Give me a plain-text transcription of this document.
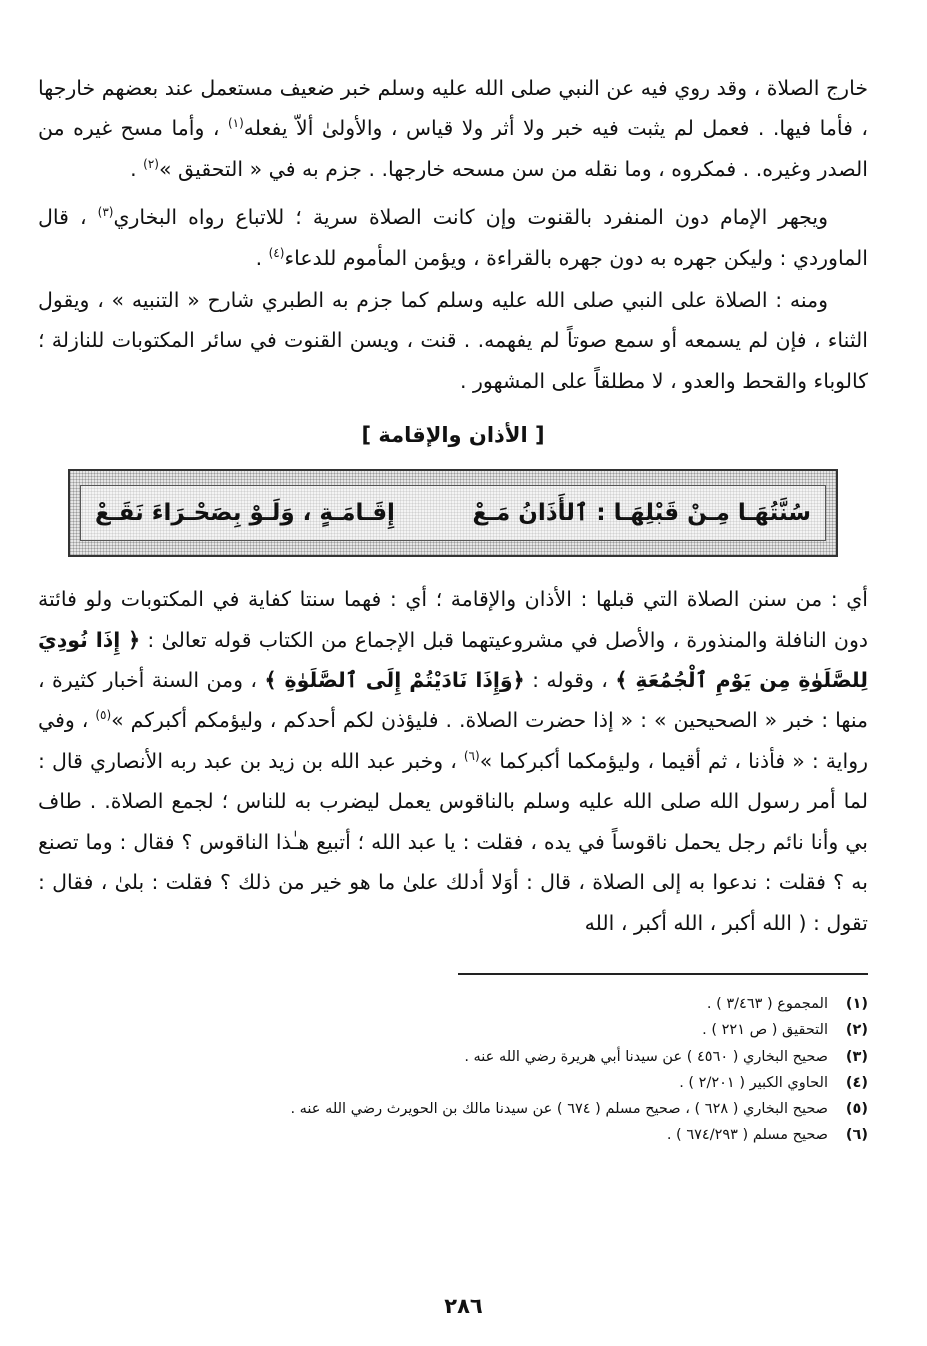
خارج الصلاة ، وقد روي فيه عن النبي صلى الله عليه وسلم خبر ضعيف مستعمل عند بعضهم خارجها ، فأما فيها. . فعمل لم يثبت فيه خبر ولا أثر ولا قياس ، والأولىٰ ألاّ يفعله$^{(١)}$ ، وأما مسح غيره من الصدر وغيره. . فمكروه ، وما نقله من سن مسحه خارجها. . جزم به في « التحقيق »$^{(٢)}$ .

ويجهر الإمام دون المنفرد بالقنوت وإن كانت الصلاة سرية ؛ للاتباع رواه البخاري$^{(٣)}$ ، قال الماوردي : وليكن جهره به دون جهره بالقراءة ، ويؤمن المأموم للدعاء$^{(٤)}$ .

ومنه : الصلاة على النبي صلى الله عليه وسلم كما جزم به الطبري شارح « التنبيه » ، ويقول الثناء ، فإن لم يسمعه أو سمع صوتاً لم يفهمه. . قنت ، ويسن القنوت في سائر المكتوبات للنازلة ؛ كالوباء والقحط والعدو ، لا مطلقاً على المشهور .

[ الأذان والإقامة ]
سُنَّتُهَـا مِـنْ قَبْلِهَـا : ٱلأَذَانُ مَـعْ
إِقَـامَـةٍ ، وَلَـوْ بِصَحْـرَاءَ نَقَـعْ

أي : من سنن الصلاة التي قبلها : الأذان والإقامة ؛ أي : فهما سنتا كفاية في المكتوبات ولو فائتة دون النافلة والمنذورة ، والأصل في مشروعيتهما قبل الإجماع من الكتاب قوله تعالىٰ : ﴿ إِذَا نُودِيَ لِلصَّلَوٰةِ مِن يَوْمِ ٱلْجُمُعَةِ ﴾ ، وقوله : ﴿وَإِذَا نَادَيْتُمْ إِلَى ٱلصَّلَوٰةِ ﴾ ، ومن السنة أخبار كثيرة ، منها : خبر « الصحيحين » : « إذا حضرت الصلاة. . فليؤذن لكم أحدكم ، وليؤمكم أكبركم »$^{(٥)}$ ، وفي رواية : « فأذنا ، ثم أقيما ، وليؤمكما أكبركما »$^{(٦)}$ ، وخبر عبد الله بن زيد بن عبد ربه الأنصاري قال : لما أمر رسول الله صلى الله عليه وسلم بالناقوس يعمل ليضرب به للناس ؛ لجمع الصلاة. . طاف بي وأنا نائم رجل يحمل ناقوساً في يده ، فقلت : يا عبد الله ؛ أتبيع هـٰذا الناقوس ؟ فقال : وما تصنع به ؟ فقلت : ندعوا به إلى الصلاة ، قال : أوَلا أدلك علىٰ ما هو خير من ذلك ؟ فقلت : بلىٰ ، فقال : تقول : ( الله أكبر ، الله أكبر ، الله

(١)
المجموع ( ٣/٤٦٣ ) .
(٢)
التحقيق ( ص ٢٢١ ) .
(٣)
صحيح البخاري ( ٤٥٦٠ ) عن سيدنا أبي هريرة رضي الله عنه .
(٤)
الحاوي الكبير ( ٢/٢٠١ ) .
(٥)
صحيح البخاري ( ٦٢٨ ) ، صحيح مسلم ( ٦٧٤ ) عن سيدنا مالك بن الحويرث رضي الله عنه .
(٦)
صحيح مسلم ( ٦٧٤/٢٩٣ ) .
٢٨٦
